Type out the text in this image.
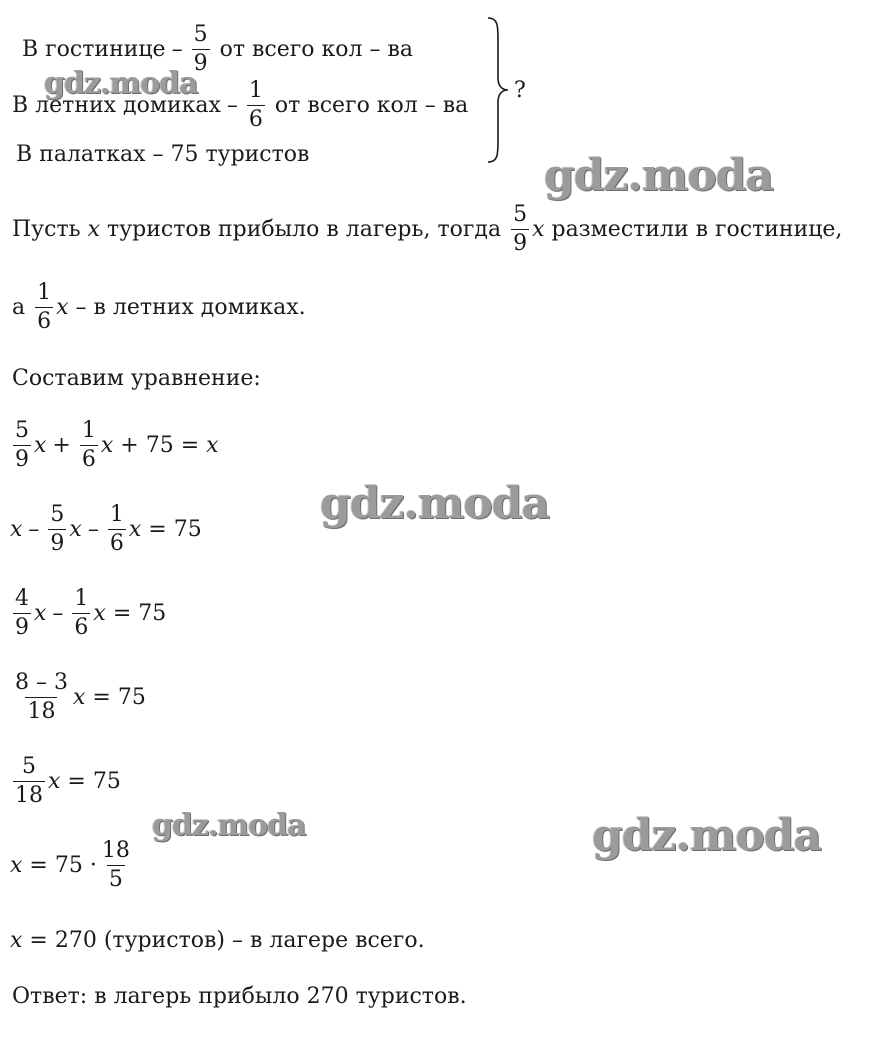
В гостинице – $\frac{5}{9}$ от всего кол – ва
В летних домиках – $\frac{1}{6}$ от всего кол – ва
В палатках – 75 туристов
?
Пусть x туристов прибыло в лагерь, тогда $\frac{5}{9}$ x разместили в гостинице,
а $\frac{1}{6}$ x – в летних домиках.
Составим уравнение:
$\frac{5}{9}$ $x + \frac{1}{6}$ x + 75 = x
x – $\frac{5}{9}$ x – $\frac{1}{6}$ x = 75
$\frac{4}{9}$ x – $\frac{1}{6}$ x = 75
$\frac{8 - 3}{18}$ x = 75
$\frac{5}{18}$ x = 75
$x = 75 \cdot \frac{18}{5}$
x = 270 (туристов) – в лагере всего.
Ответ: в лагерь прибыло 270 туристов.
gdz.moda
gdz.moda
gdz.moda
gdz.moda	gdz.moda
